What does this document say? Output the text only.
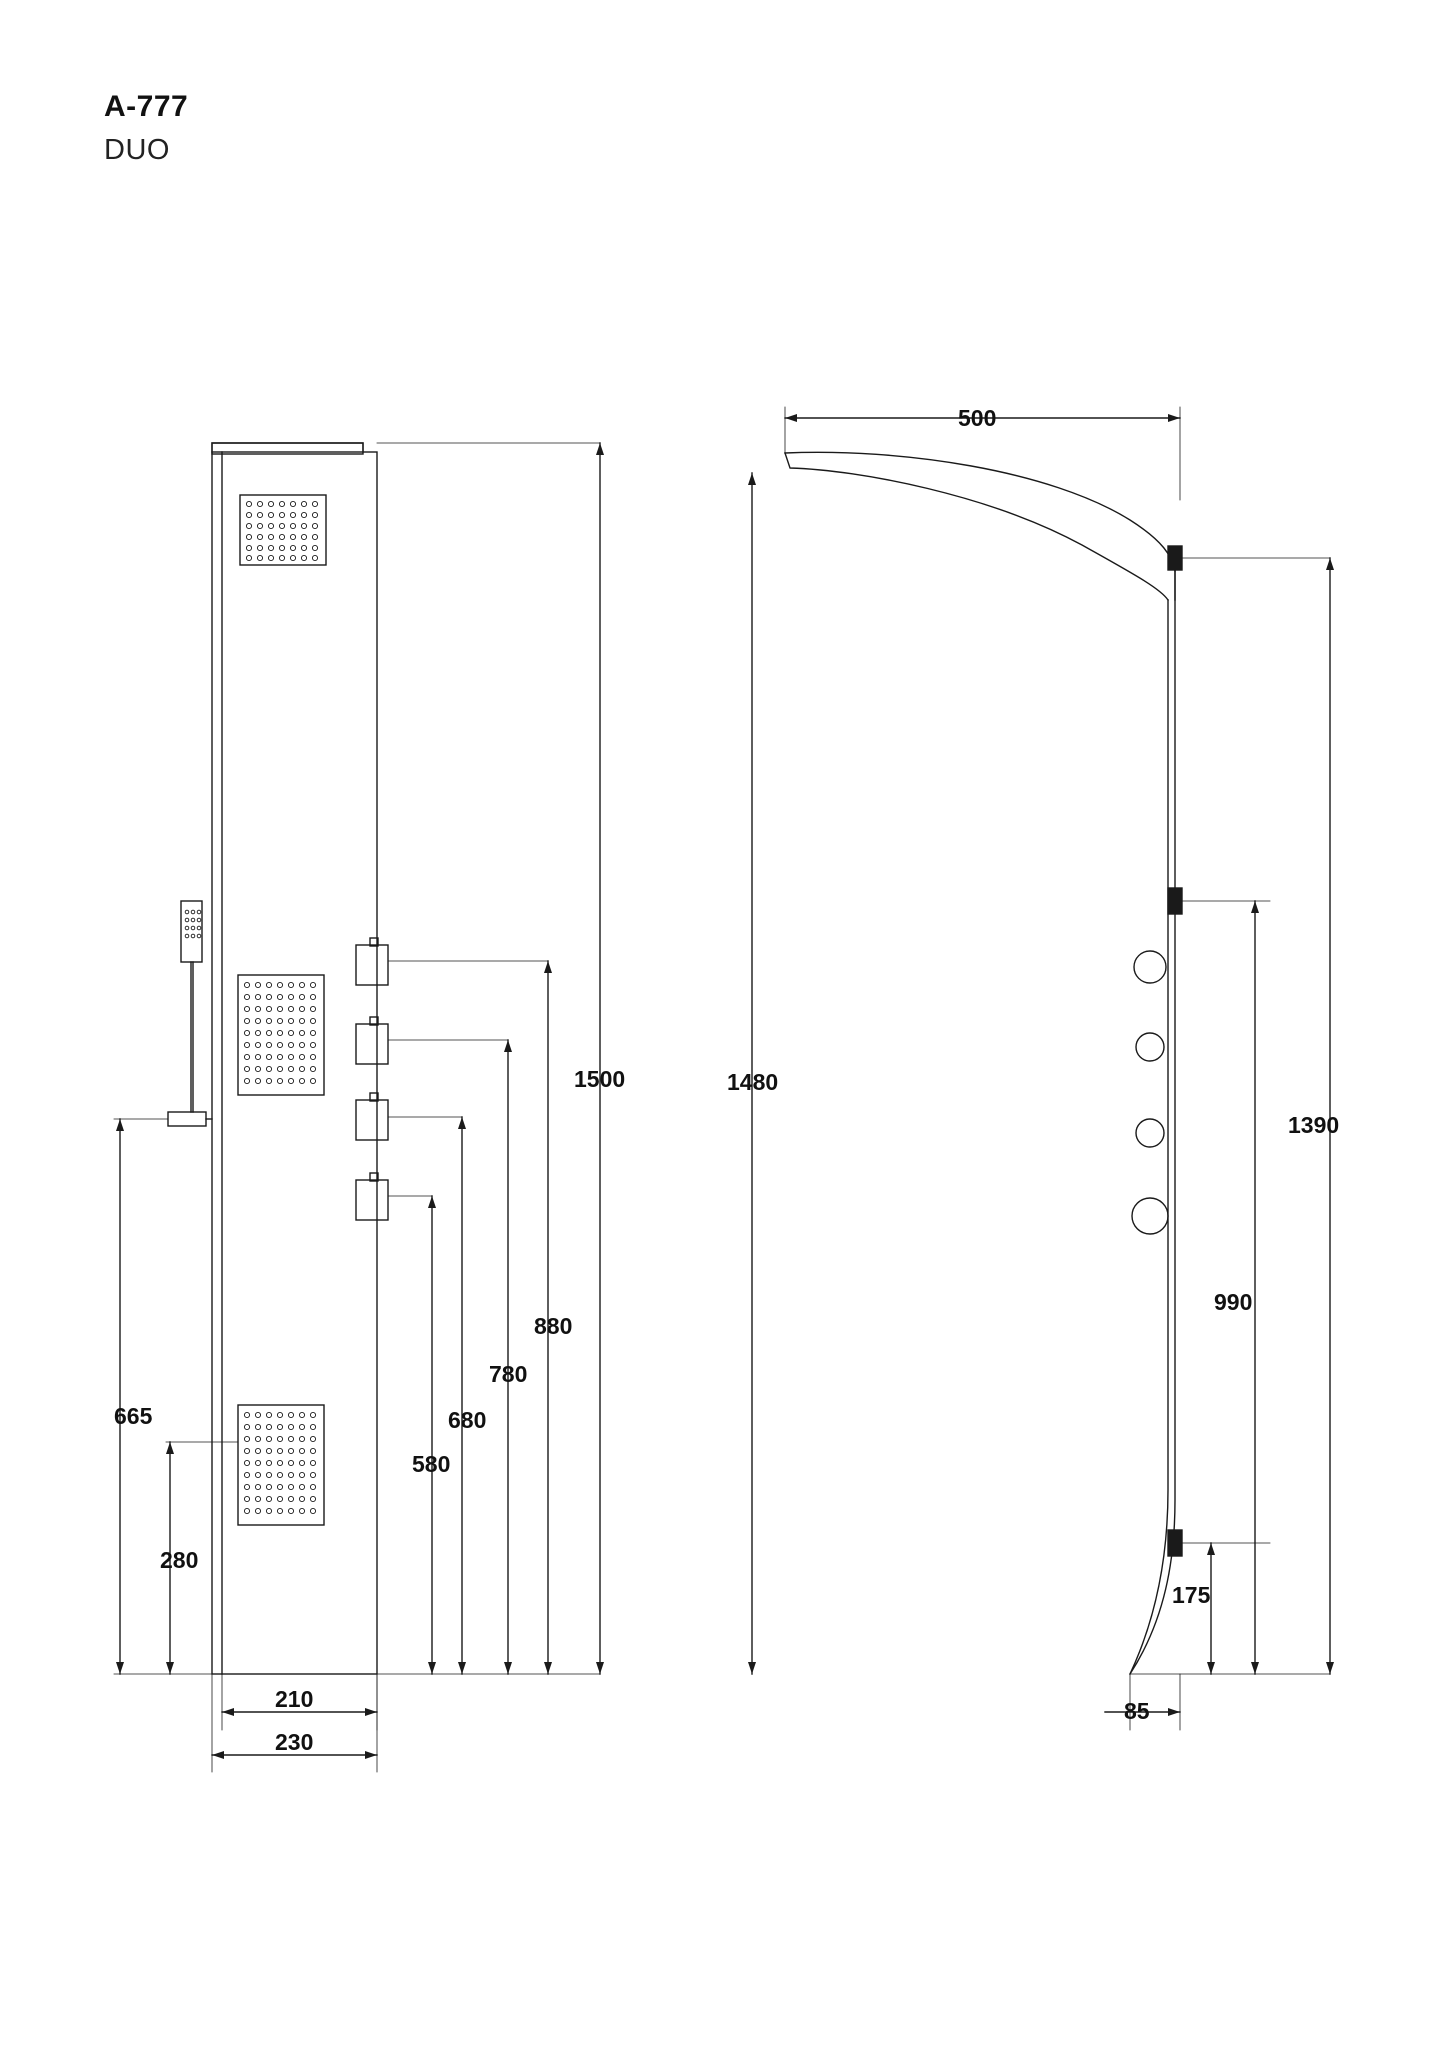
A-777
DUO
1500
880
780
680
580
665
280
210
230
500
1480
1390
990
175
85
